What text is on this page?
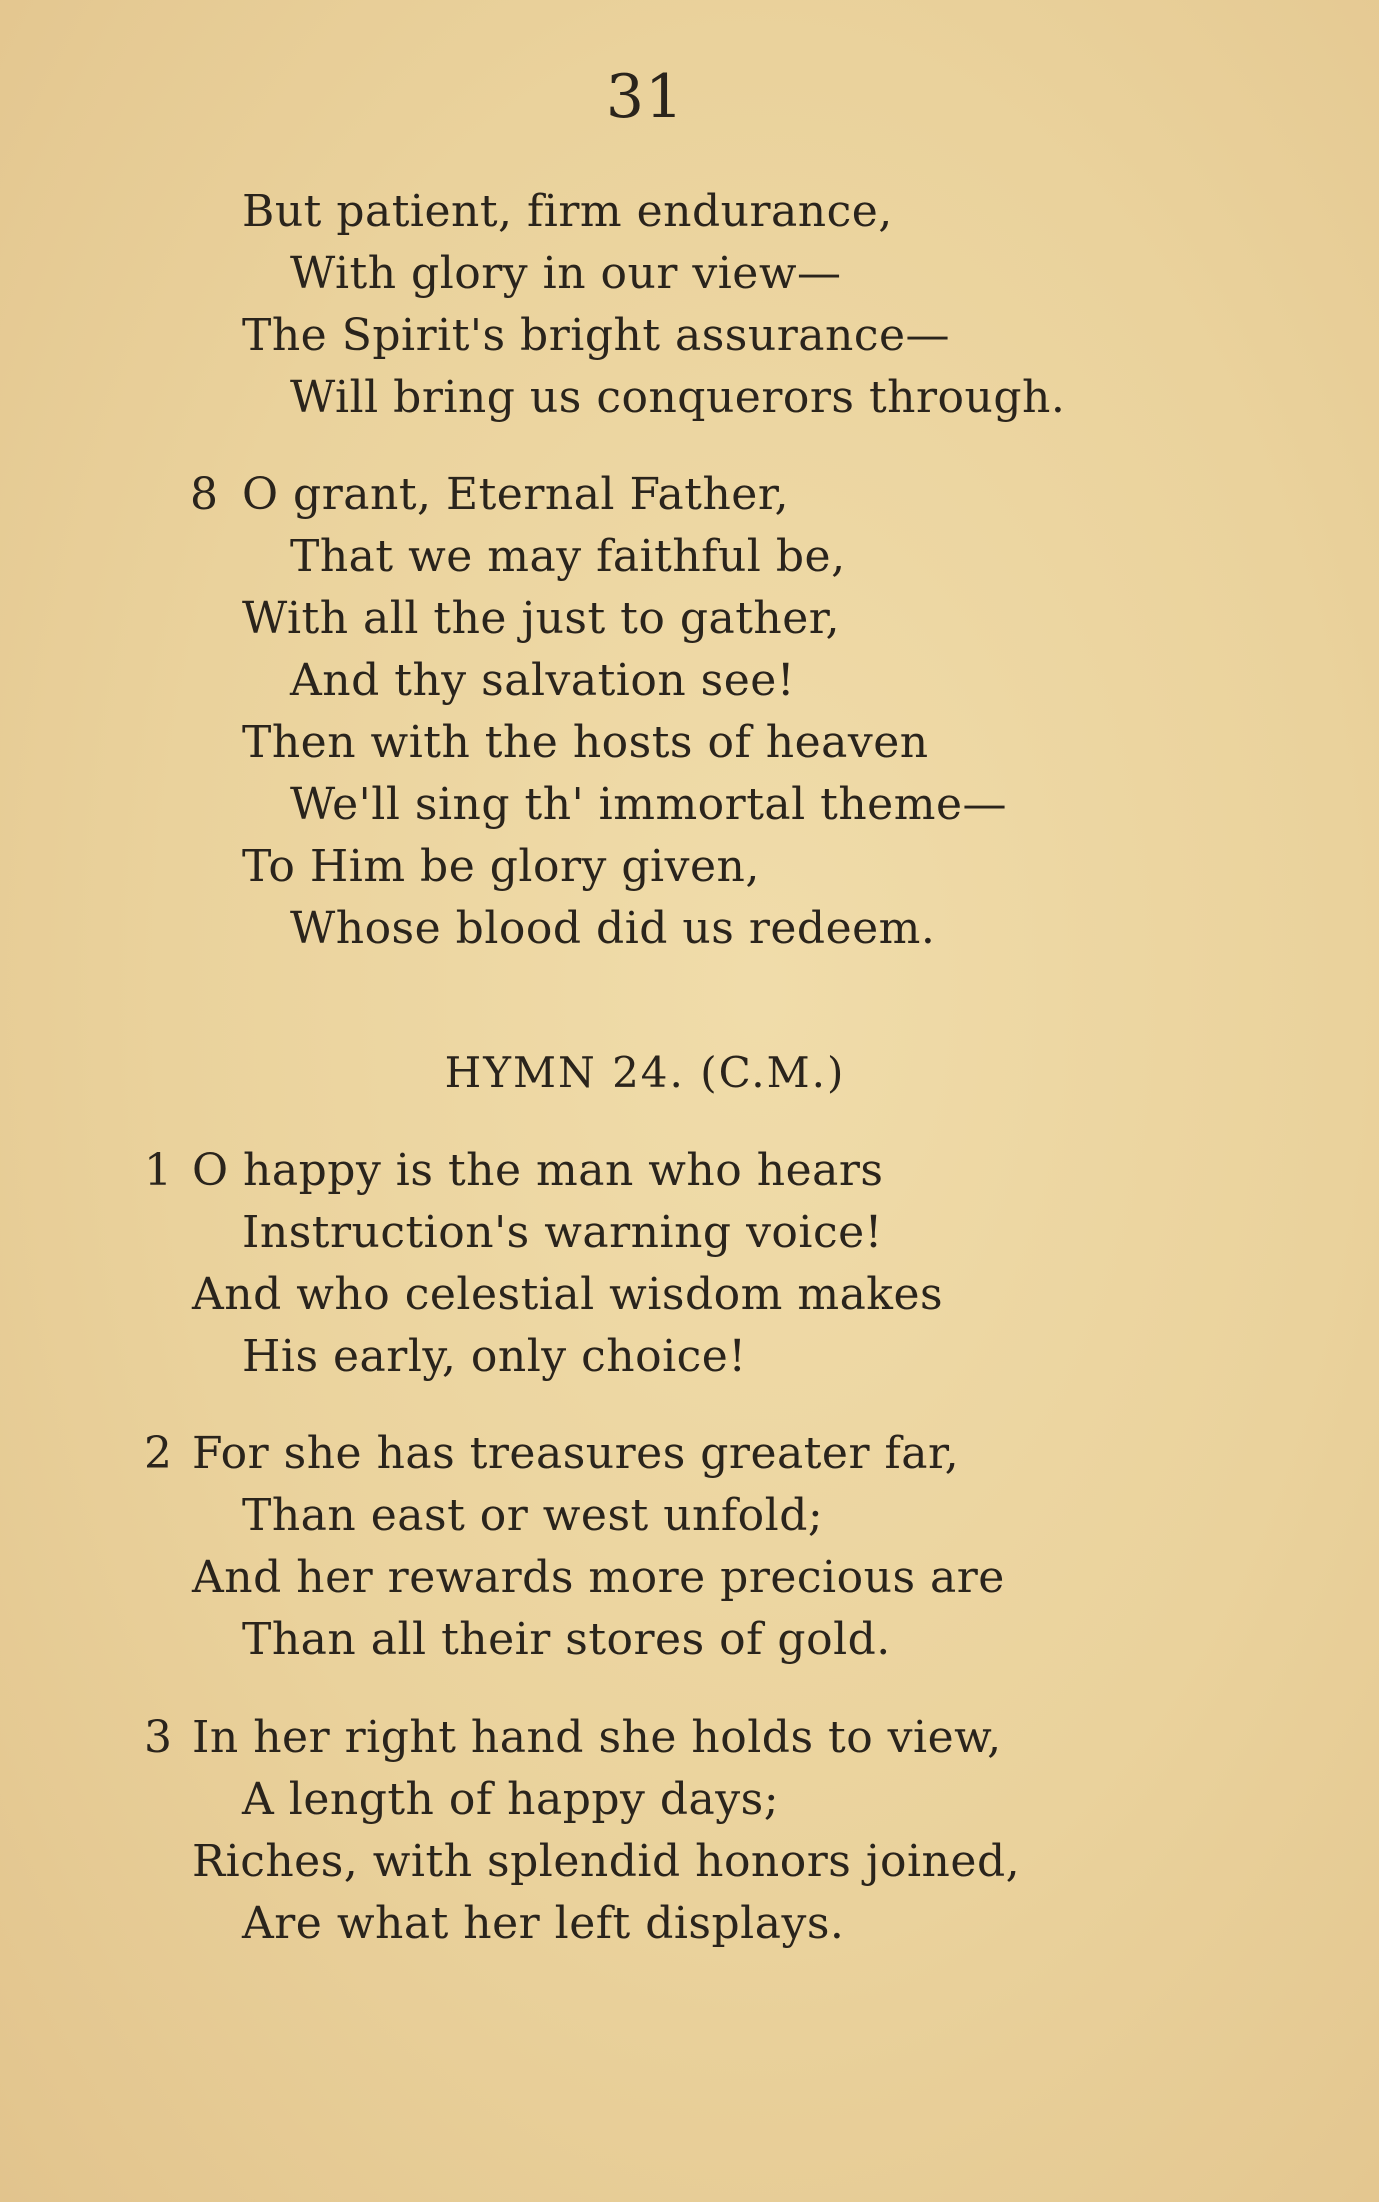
31
But patient, firm endurance,
With glory in our view—
The Spirit's bright assurance—
Will bring us conquerors through.
8 O grant, Eternal Father,
That we may faithful be,
With all the just to gather,
And thy salvation see!
Then with the hosts of heaven
We'll sing th' immortal theme—
To Him be glory given,
Whose blood did us redeem.
HYMN 24. (C.M.)
1 O happy is the man who hears
Instruction's warning voice!
And who celestial wisdom makes
His early, only choice!
2 For she has treasures greater far,
Than east or west unfold;
And her rewards more precious are
Than all their stores of gold.
3 In her right hand she holds to view,
A length of happy days;
Riches, with splendid honors joined,
Are what her left displays.
